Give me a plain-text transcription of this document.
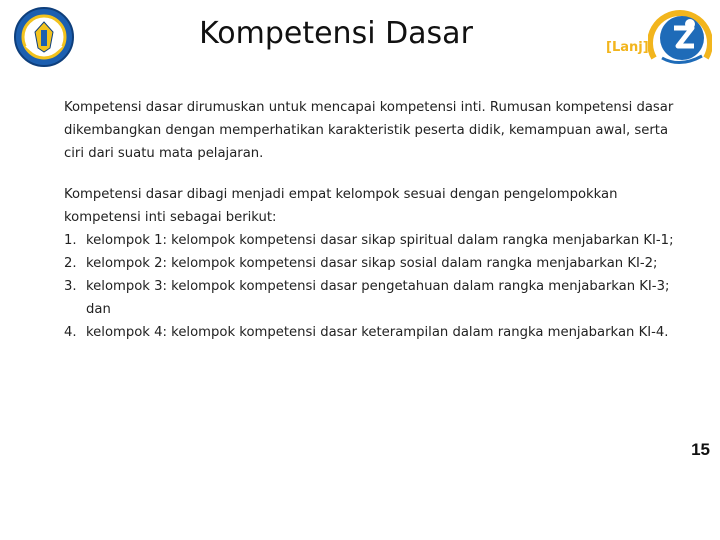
Kompetensi Dasar	[Lanj]

Kompetensi dasar dirumuskan untuk mencapai kompetensi inti. Rumusan kompetensi dasar dikembangkan dengan memperhatikan karakteristik peserta didik, kemampuan awal, serta ciri dari suatu mata pelajaran.

Kompetensi dasar dibagi menjadi empat kelompok sesuai dengan pengelompokkan kompetensi inti sebagai berikut:

1. kelompok 1: kelompok kompetensi dasar sikap spiritual dalam rangka menjabarkan KI-1;
2. kelompok 2: kelompok kompetensi dasar sikap sosial dalam rangka menjabarkan KI-2;
3. kelompok 3: kelompok kompetensi dasar pengetahuan dalam rangka menjabarkan KI-3; dan
4. kelompok 4: kelompok kompetensi dasar keterampilan dalam rangka menjabarkan KI-4.
15
